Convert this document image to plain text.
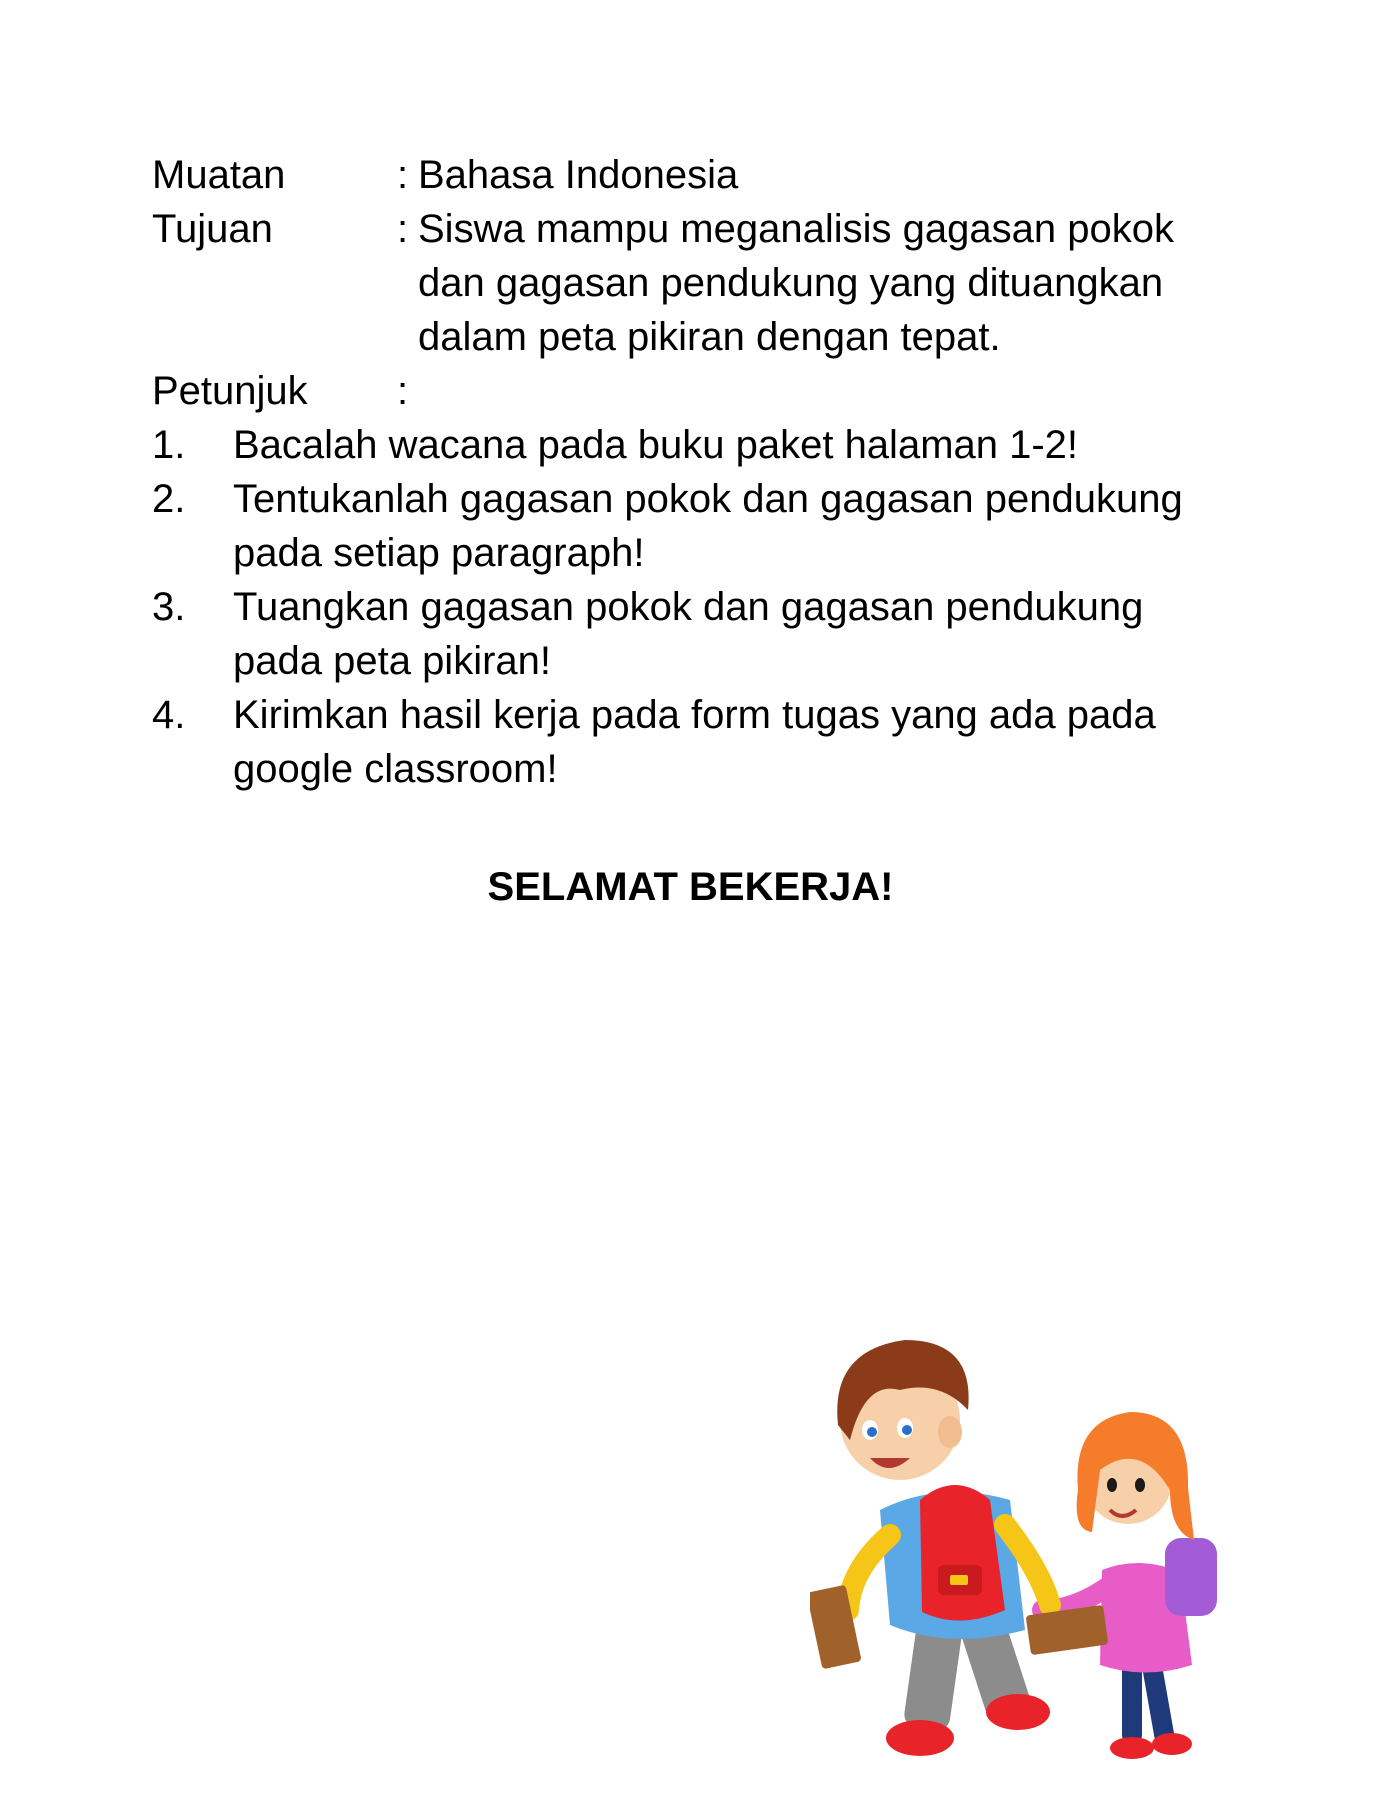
Muatan	: Bahasa Indonesia
Tujuan	: Siswa mampu meganalisis gagasan pokok
dan gagasan pendukung yang dituangkan
dalam peta pikiran dengan tepat.
Petunjuk :
1. Bacalah wacana pada buku paket halaman 1-2!
2. Tentukanlah gagasan pokok dan gagasan pendukung
pada setiap paragraph!
3. Tuangkan gagasan pokok dan gagasan pendukung
pada peta pikiran!
4. Kirimkan hasil kerja pada form tugas yang ada pada
google classroom!
SELAMAT BEKERJA!
